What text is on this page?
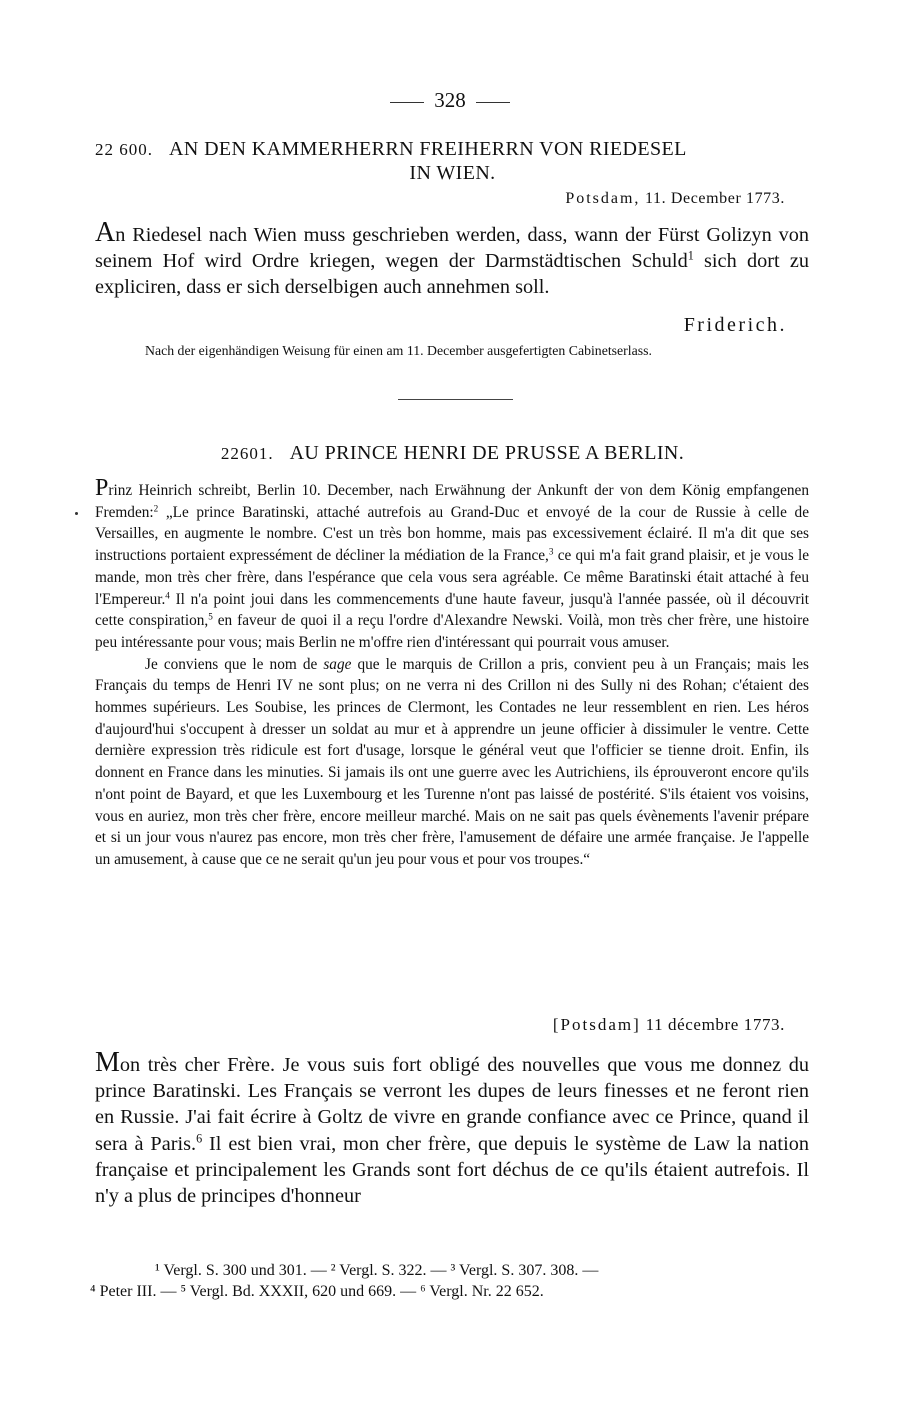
328
22 600. AN DEN KAMMERHERRN FREIHERRN VON RIEDESEL
IN WIEN.
Potsdam, 11. December 1773.
An Riedesel nach Wien muss geschrieben werden, dass, wann der Fürst Golizyn von seinem Hof wird Ordre kriegen, wegen der Darmstädtischen Schuld$^1$ sich dort zu expliciren, dass er sich derselbigen auch annehmen soll.
Friderich.
Nach der eigenhändigen Weisung für einen am 11. December ausgefertigten Cabinetserlass.
22601. AU PRINCE HENRI DE PRUSSE A BERLIN.

Prinz Heinrich schreibt, Berlin 10. December, nach Erwähnung der Ankunft der von dem König empfangenen Fremden:$^2$ „Le prince Baratinski, attaché autrefois au Grand-Duc et envoyé de la cour de Russie à celle de Versailles, en augmente le nombre. C'est un très bon homme, mais pas excessivement éclairé. Il m'a dit que ses instructions portaient expressément de décliner la médiation de la France,$^3$ ce qui m'a fait grand plaisir, et je vous le mande, mon très cher frère, dans l'espérance que cela vous sera agréable. Ce même Baratinski était attaché à feu l'Empereur.$^4$ Il n'a point joui dans les commencements d'une haute faveur, jusqu'à l'année passée, où il découvrit cette conspiration,$^5$ en faveur de quoi il a reçu l'ordre d'Alexandre Newski. Voilà, mon très cher frère, une histoire peu intéressante pour vous; mais Berlin ne m'offre rien d'intéressant qui pourrait vous amuser.

Je conviens que le nom de sage que le marquis de Crillon a pris, convient peu à un Français; mais les Français du temps de Henri IV ne sont plus; on ne verra ni des Crillon ni des Sully ni des Rohan; c'étaient des hommes supérieurs. Les Soubise, les princes de Clermont, les Contades ne leur ressemblent en rien. Les héros d'aujourd'hui s'occupent à dresser un soldat au mur et à apprendre un jeune officier à dissimuler le ventre. Cette dernière expression très ridicule est fort d'usage, lorsque le général veut que l'officier se tienne droit. Enfin, ils donnent en France dans les minuties. Si jamais ils ont une guerre avec les Autrichiens, ils éprouveront encore qu'ils n'ont point de Bayard, et que les Luxembourg et les Turenne n'ont pas laissé de postérité. S'ils étaient vos voisins, vous en auriez, mon très cher frère, encore meilleur marché. Mais on ne sait pas quels évènements l'avenir prépare et si un jour vous n'aurez pas encore, mon très cher frère, l'amusement de défaire une armée française. Je l'appelle un amusement, à cause que ce ne serait qu'un jeu pour vous et pour vos troupes.“

[Potsdam] 11 décembre 1773.
Mon très cher Frère. Je vous suis fort obligé des nouvelles que vous me donnez du prince Baratinski. Les Français se verront les dupes de leurs finesses et ne feront rien en Russie. J'ai fait écrire à Goltz de vivre en grande confiance avec ce Prince, quand il sera à Paris.$^6$ Il est bien vrai, mon cher frère, que depuis le système de Law la nation française et principalement les Grands sont fort déchus de ce qu'ils étaient autrefois. Il n'y a plus de principes d'honneur
¹ Vergl. S. 300 und 301. — ² Vergl. S. 322. — ³ Vergl. S. 307. 308. —
⁴ Peter III. — ⁵ Vergl. Bd. XXXII, 620 und 669. — ⁶ Vergl. Nr. 22 652.
